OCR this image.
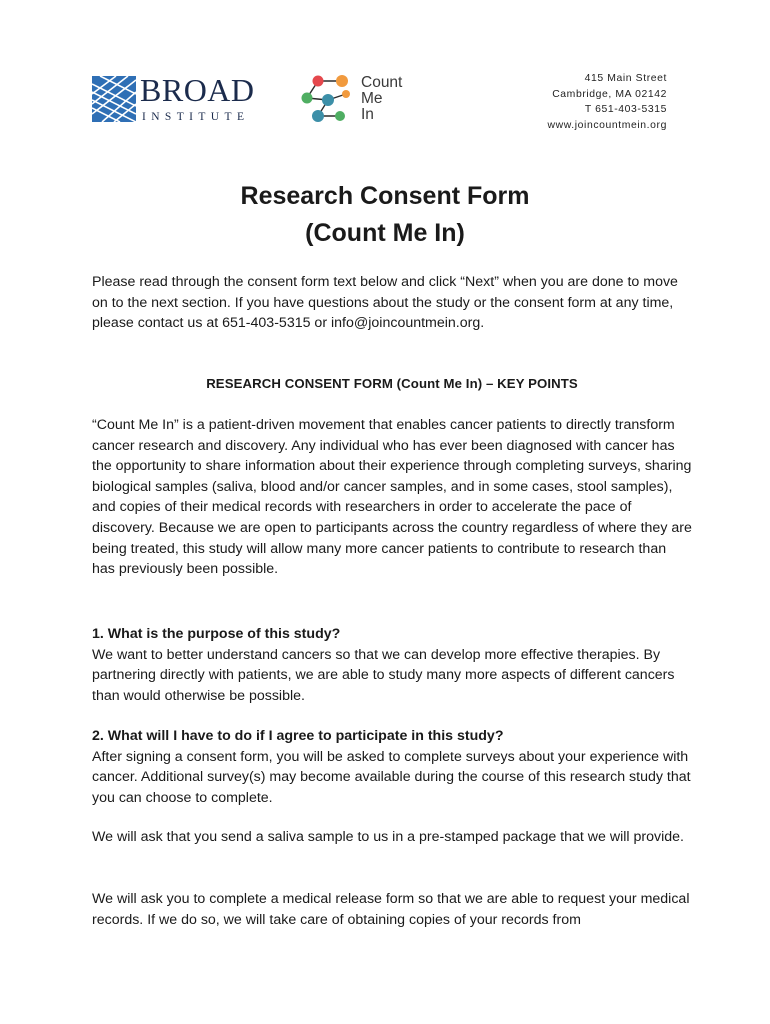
BROAD
INSTITUTE
Count
Me
In
415 Main Street
Cambridge, MA 02142
T 651-403-5315
www.joincountmein.org
Research Consent Form
(Count Me In)

Please read through the consent form text below and click “Next” when you are done to move on to the next section. If you have questions about the study or the consent form at any time, please contact us at 651-403-5315 or info@joincountmein.org.

RESEARCH CONSENT FORM (Count Me In) – KEY POINTS

“Count Me In” is a patient-driven movement that enables cancer patients to directly transform cancer research and discovery. Any individual who has ever been diagnosed with cancer has the opportunity to share information about their experience through completing surveys, sharing biological samples (saliva, blood and/or cancer samples, and in some cases, stool samples), and copies of their medical records with researchers in order to accelerate the pace of discovery. Because we are open to participants across the country regardless of where they are being treated, this study will allow many more cancer patients to contribute to research than has previously been possible.

1. What is the purpose of this study?

We want to better understand cancers so that we can develop more effective therapies. By partnering directly with patients, we are able to study many more aspects of different cancers than would otherwise be possible.

2. What will I have to do if I agree to participate in this study?

After signing a consent form, you will be asked to complete surveys about your experience with cancer. Additional survey(s) may become available during the course of this research study that you can choose to complete.

We will ask that you send a saliva sample to us in a pre-stamped package that we will provide.

We will ask you to complete a medical release form so that we are able to request your medical records. If we do so, we will take care of obtaining copies of your records from
